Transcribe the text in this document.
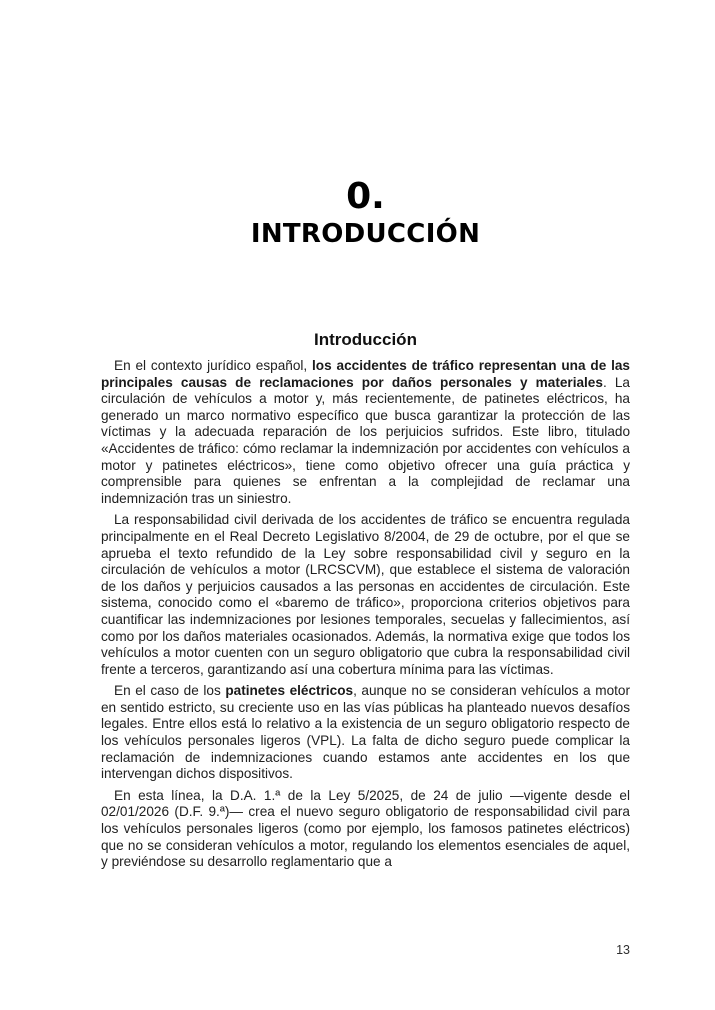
0.
INTRODUCCIÓN
Introducción

En el contexto jurídico español, los accidentes de tráfico representan una de las principales causas de reclamaciones por daños personales y materiales. La circulación de vehículos a motor y, más recientemente, de patinetes eléctricos, ha generado un marco normativo específico que busca garantizar la protección de las víctimas y la adecuada reparación de los perjuicios sufridos. Este libro, titulado «Accidentes de tráfico: cómo reclamar la indemnización por accidentes con vehículos a motor y patinetes eléctricos», tiene como objetivo ofrecer una guía práctica y comprensible para quienes se enfrentan a la complejidad de reclamar una indemnización tras un siniestro.

La responsabilidad civil derivada de los accidentes de tráfico se encuentra regulada principalmente en el Real Decreto Legislativo 8/2004, de 29 de octubre, por el que se aprueba el texto refundido de la Ley sobre responsabilidad civil y seguro en la circulación de vehículos a motor (LRCSCVM), que establece el sistema de valoración de los daños y perjuicios causados a las personas en accidentes de circulación. Este sistema, conocido como el «baremo de tráfico», proporciona criterios objetivos para cuantificar las indemnizaciones por lesiones temporales, secuelas y fallecimientos, así como por los daños materiales ocasionados. Además, la normativa exige que todos los vehículos a motor cuenten con un seguro obligatorio que cubra la responsabilidad civil frente a terceros, garantizando así una cobertura mínima para las víctimas.

En el caso de los patinetes eléctricos, aunque no se consideran vehículos a motor en sentido estricto, su creciente uso en las vías públicas ha planteado nuevos desafíos legales. Entre ellos está lo relativo a la existencia de un seguro obligatorio respecto de los vehículos personales ligeros (VPL). La falta de dicho seguro puede complicar la reclamación de indemnizaciones cuando estamos ante accidentes en los que intervengan dichos dispositivos.

En esta línea, la D.A. 1.ª de la Ley 5/2025, de 24 de julio —vigente desde el 02/01/2026 (D.F. 9.ª)— crea el nuevo seguro obligatorio de responsabilidad civil para los vehículos personales ligeros (como por ejemplo, los famosos patinetes eléctricos) que no se consideran vehículos a motor, regulando los elementos esenciales de aquel, y previéndose su desarrollo reglamentario que a

13
